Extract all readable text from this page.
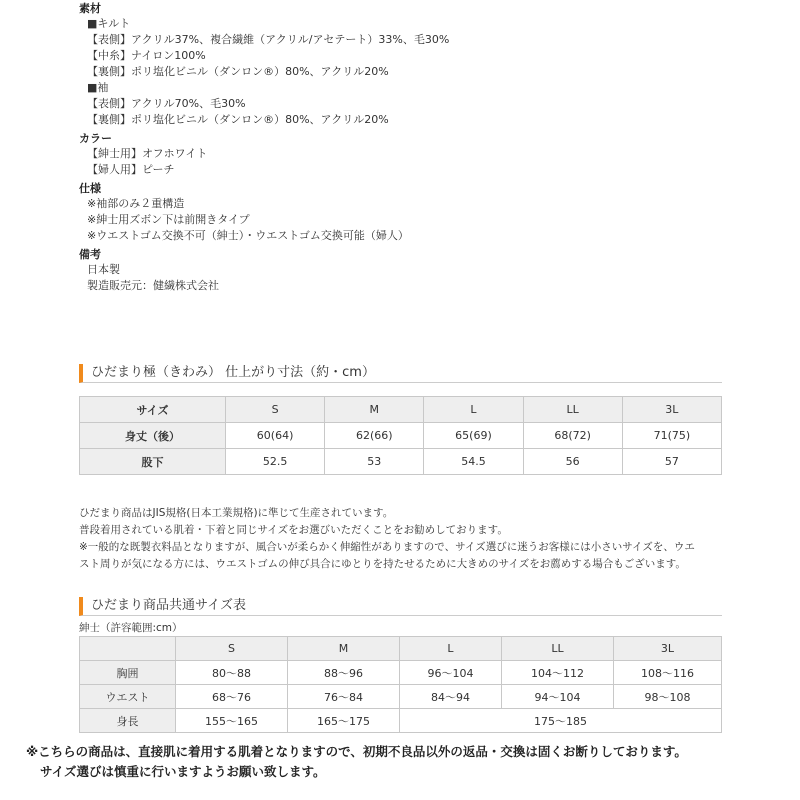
素材
■キルト
【表側】アクリル37%、複合繊維（アクリル/アセテート）33%、毛30%
【中糸】ナイロン100%
【裏側】ポリ塩化ビニル（ダンロン®）80%、アクリル20%
■袖
【表側】アクリル70%、毛30%
【裏側】ポリ塩化ビニル（ダンロン®）80%、アクリル20%
カラー
【紳士用】オフホワイト
【婦人用】ピーチ
仕様
※袖部のみ２重構造
※紳士用ズボン下は前開きタイプ
※ウエストゴム交換不可（紳士）・ウエストゴム交換可能（婦人）
備考
日本製
製造販売元：健繊株式会社
ひだまり極（きわみ） 仕上がり寸法（約・cm）
サイズ	S	M	L	LL	3L
身丈（後）	60(64)	62(66)	65(69)	68(72)	71(75)
股下	52.5	53	54.5	56	57
ひだまり商品はJIS規格(日本工業規格)に準じて生産されています。
普段着用されている肌着・下着と同じサイズをお選びいただくことをお勧めしております。
※一般的な既製衣料品となりますが、風合いが柔らかく伸縮性がありますので、サイズ選びに迷うお客様には小さいサイズを、ウエ
スト周りが気になる方には、ウエストゴムの伸び具合にゆとりを持たせるために大きめのサイズをお薦めする場合もございます。
ひだまり商品共通サイズ表
紳士（許容範囲:cm）
	S	M	L	LL	3L
胸囲	80〜88	88〜96	96〜104	104〜112	108〜116
ウエスト	68〜76	76〜84	84〜94	94〜104	98〜108
身長	155〜165	165〜175	175〜185		
※こちらの商品は、直接肌に着用する肌着となりますので、初期不良品以外の返品・交換は固くお断りしております。
サイズ選びは慎重に行いますようお願い致します。
